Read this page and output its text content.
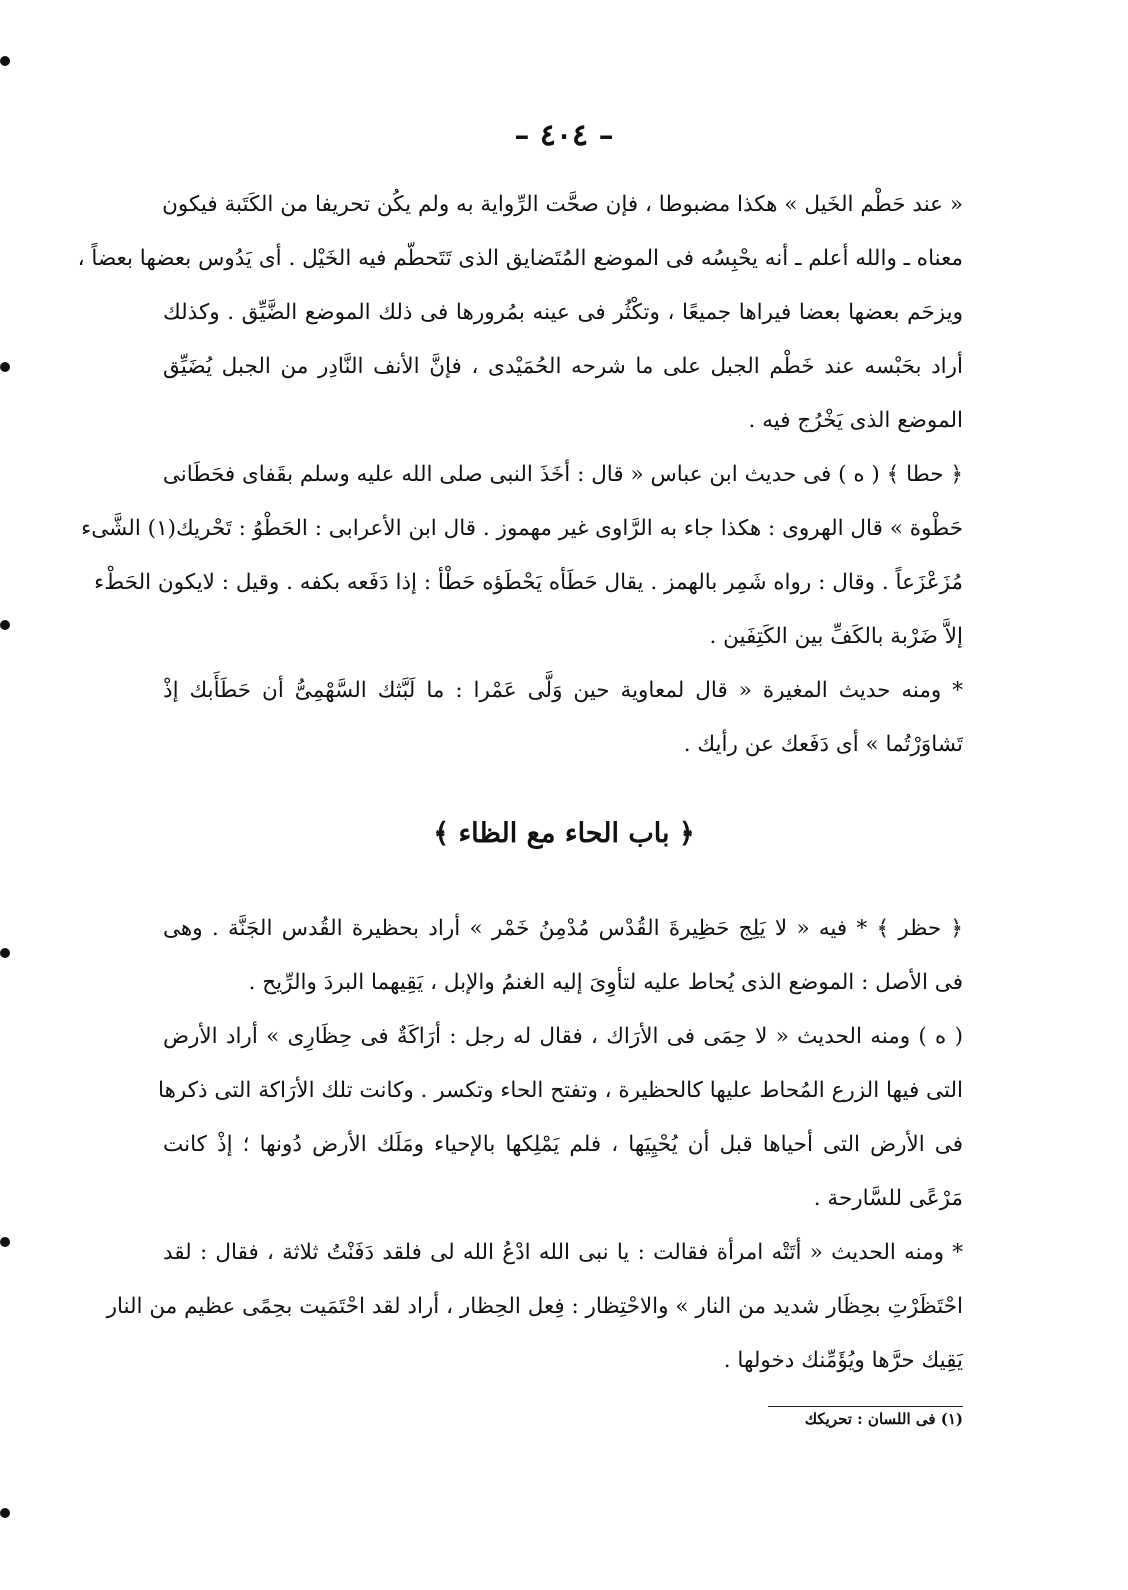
– ٤٠٤ –
« عند حَطْم الخَيل » هكذا مضبوطا ، فإن صحَّت الرِّواية به ولم يكُن تحريفا من الكَتَبة فيكون
معناه ـ والله أعلم ـ أنه يحْبِسُه فى الموضع المُتَضايق الذى تَتَحطّم فيه الخَيْل . أى يَدُوس بعضها بعضاً ،
ويزحَم بعضها بعضا فيراها جميعًا ، وتكْثُر فى عينه بمُرورها فى ذلك الموضع الضَّيِّق . وكذلك
أراد بحَبْسه عند خَطْم الجبل على ما شرحه الحُمَيْدى ، فإنَّ الأنف النَّادِر من الجبل يُضَيِّق
الموضع الذى يَخْرُج فيه .
﴿ حطا ﴾ ( ه ) فى حديث ابن عباس « قال : أخَذَ النبى صلى الله عليه وسلم بقَفاى فحَطَانى
حَطْوة » قال الهروى : هكذا جاء به الرَّاوى غير مهموز . قال ابن الأعرابى : الحَطْوُ : تَحْريك(١) الشَّىء
مُزَعْزَعاً . وقال : رواه شَمِر بالهمز . يقال حَطَأه يَحْطَؤه حَطْأ : إذا دَفَعه بكفه . وقيل : لايكون الحَطْء
إلاَّ ضَرْبة بالكَفِّ بين الكَتِفَين .
* ومنه حديث المغيرة « قال لمعاوية حين وَلَّى عَمْرا : ما لَبَّثك السَّهْمِىُّ أن حَطَأَبك إذْ
تَشاوَرْتُما » أى دَفَعك عن رأيك .
﴿ باب الحاء مع الظاء ﴾
﴿ حظر ﴾ * فيه « لا يَلِج حَظِيرةَ القُدْس مُدْمِنُ خَمْر » أراد بحظيرة القُدس الجَنَّة . وهى
فى الأصل : الموضع الذى يُحاط عليه لتأوِىَ إليه الغنمُ والإبل ، يَقِيهما البردَ والرِّيح .
( ه ) ومنه الحديث « لا حِمَى فى الأرَاك ، فقال له رجل : أرَاكَةٌ فى حِظَارِى » أراد الأرض
التى فيها الزرع المُحاط عليها كالحظيرة ، وتفتح الحاء وتكسر . وكانت تلك الأرَاكة التى ذكرها
فى الأرض التى أحياها قبل أن يُحْيِيَها ، فلم يَمْلِكها بالإحياء ومَلَك الأرض دُونها ؛ إذْ كانت
مَرْعًى للسَّارحة .
* ومنه الحديث « أتَتْه امرأة فقالت : يا نبى الله ادْعُ الله لى فلقد دَفَنْتُ ثلاثة ، فقال : لقد
احْتَظَرْتِ بحِظَار شديد من النار » والاحْتِظار : فِعل الحِظار ، أراد لقد احْتَمَيت بحِمًى عظيم من النار
يَقِيك حرَّها ويُؤَمِّنك دخولها .
(١) فى اللسان : تحريكك
